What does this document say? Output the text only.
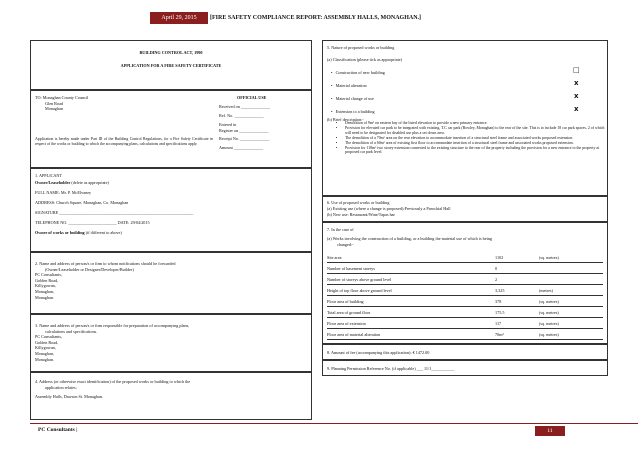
April 29, 2015	[FIRE SAFETY COMPLIANCE REPORT: ASSEMBLY HALLS, MONAGHAN.]
BUILDING CONTROL ACT, 1990
APPLICATION FOR A FIRE SAFETY CERTIFICATE
TO: Monaghan County Council
Glen Road
Monaghan
OFFICIAL USE
Received on ______________
Ref. No. ______________
Entered in
Register on ______________
Receipt No. ______________
Amount ______________
Application is hereby made under Part III of the Building Control Regulations, for a Fire Safety Certificate in respect of the works or building to which the accompanying plans, calculations and specifications apply.
1. APPLICANT
Owner/Leaseholder (delete as appropriate)
FULL NAME: Mr. P. McElvaney
ADDRESS: Church Square, Monaghan, Co. Monaghan
SIGNATURE ________________________________________________________________
TELEPHONE NO. _______________________ DATE: 29/04/2015
Owner of works or building (if different to above)
2. Name and address of person/s or firm to whom notifications should be forwarded
(Owner/Leaseholder or Designer/Developer/Builder)
PC Consultants,
Golden Road,
Killygowan,
Monaghan,
Monaghan.
3. Name and address of person/s or firm responsible for preparation of accompanying plans,
calculations and specifications.
PC Consultants,
Golden Road,
Killygowan,
Monaghan,
Monaghan.
4. Address (or otherwise exact identification) of the proposed works or building to which the
application relates:
Assembly Halls, Dawson St. Monaghan.
5. Nature of proposed works or building
(a) Classification (please tick as appropriate)
•   Construction of new building	□
•   Material alteration	x
•   Material change of use	x
•   Extension to a building	x
(b) Brief description:-
• Demolition of 9m² on eastern bay of the listed elevation to provide a new primary entrance.
• Provision for elevated car park to be integrated with existing, T.C car park (Rowley, Monaghan) to the rear of the site. This is to include 18 car park spaces, 2 of which will need to be designated for disabled use plus a set down area.
• The demolition of a 70m² area on the rear elevation to accommodate insertion of a structural steel frame and associated works proposed extension.
• The demolition of a 60m² area of existing first floor to accommodate insertion of a structural steel frame and associated works proposed extension.
• Provision for 118m² two storey extension connected to the existing structure to the rear of the property including the provision for a new entrance to the property at proposed car park level.
6. Use of proposed works or building
(a) Existing use (where a change is proposed):Previously a Parochial Hall
(b) New use: Restaurant/Wine/Tapas bar
7. In the case of
(a) Works involving the construction of a building, or a building the material use of which is being
changed:-
Site area	1102	(sq. metres)
Number of basement storeys	0
Number of storeys above ground level	2
Height of top floor above ground level	3,325	(metres)
Floor area of building	378	(sq. metres)
Total area of ground floor	175.5	(sq. metres)
Floor area of extension	117	(sq. metres)
Floor area of material alteration	70m²	(sq. metres)
8. Amount of fee (accompanying this application): € 1472.00
9. Planning Permission Reference No. (if applicable) ___ 11/1___________
PC Consultants |	11
